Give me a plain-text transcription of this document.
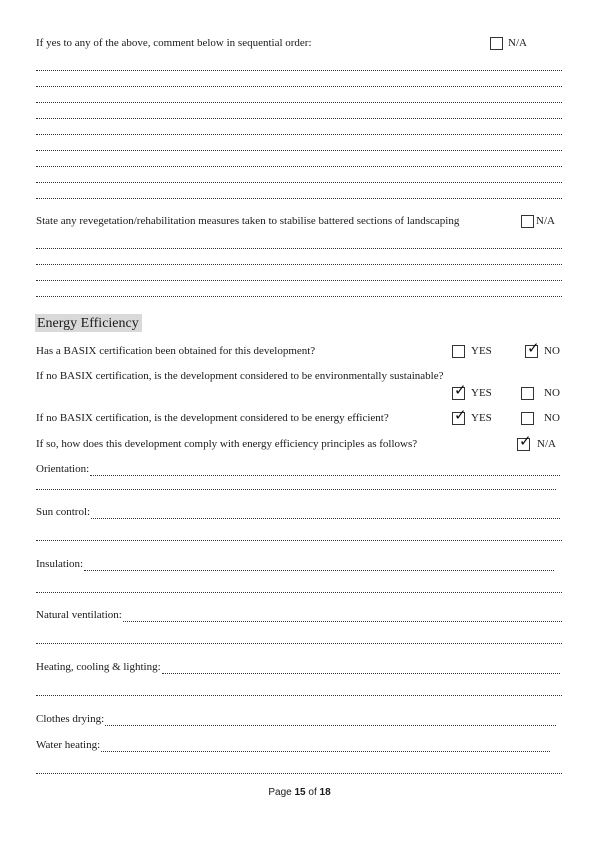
If yes to any of the above, comment below in sequential order:	N/A
State any revegetation/rehabilitation measures taken to stabilise battered sections of landscaping	N/A
Energy Efficiency
Has a BASIX certification been obtained for this development?	YES ✓ NO
If no BASIX certification, is the development considered to be environmentally sustainable?
✓ YES	NO
If no BASIX certification, is the development considered to be energy efficient?	✓ YES	NO
If so, how does this development comply with energy efficiency principles as follows?	✓ N/A
Orientation:
Sun control:
Insulation:
Natural ventilation:
Heating, cooling & lighting:
Clothes drying:
Water heating:
Page 15 of 18
